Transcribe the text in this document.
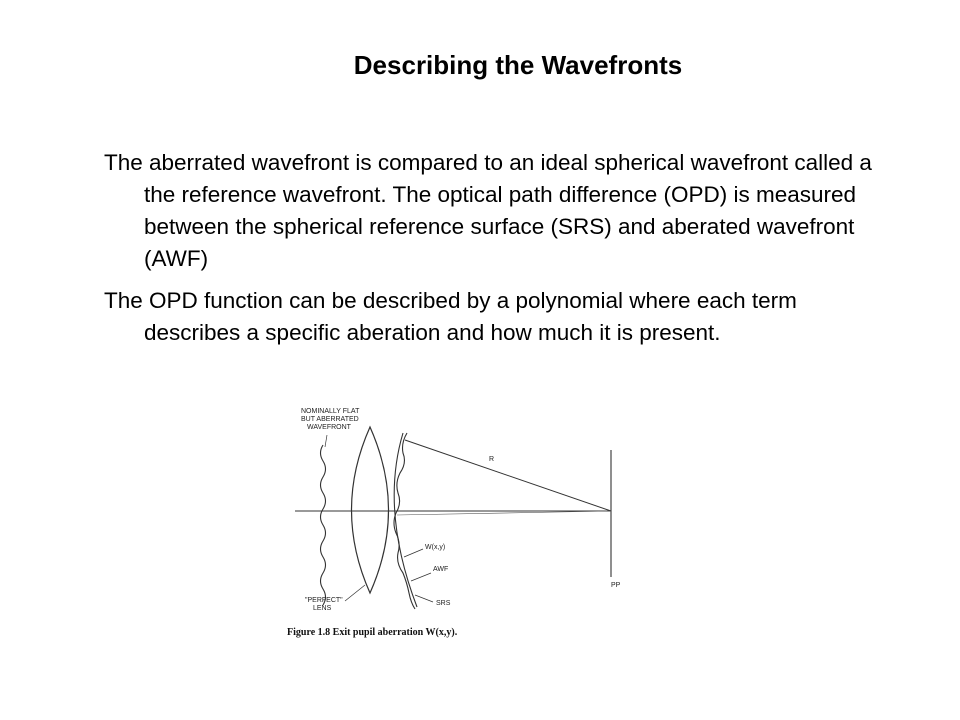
Describing the Wavefronts

The aberrated wavefront is compared to an ideal spherical wavefront called a the reference wavefront. The optical path difference (OPD) is measured between the spherical reference surface (SRS) and aberated wavefront (AWF)

The OPD function can be described by a polynomial where each term describes a specific aberation and how much it is present.

NOMINALLY FLAT
BUT ABERRATED
WAVEFRONT
R
W(x,y)
AWF
SRS
PP
"PERFECT"
LENS
Figure 1.8 Exit pupil aberration W(x,y).
